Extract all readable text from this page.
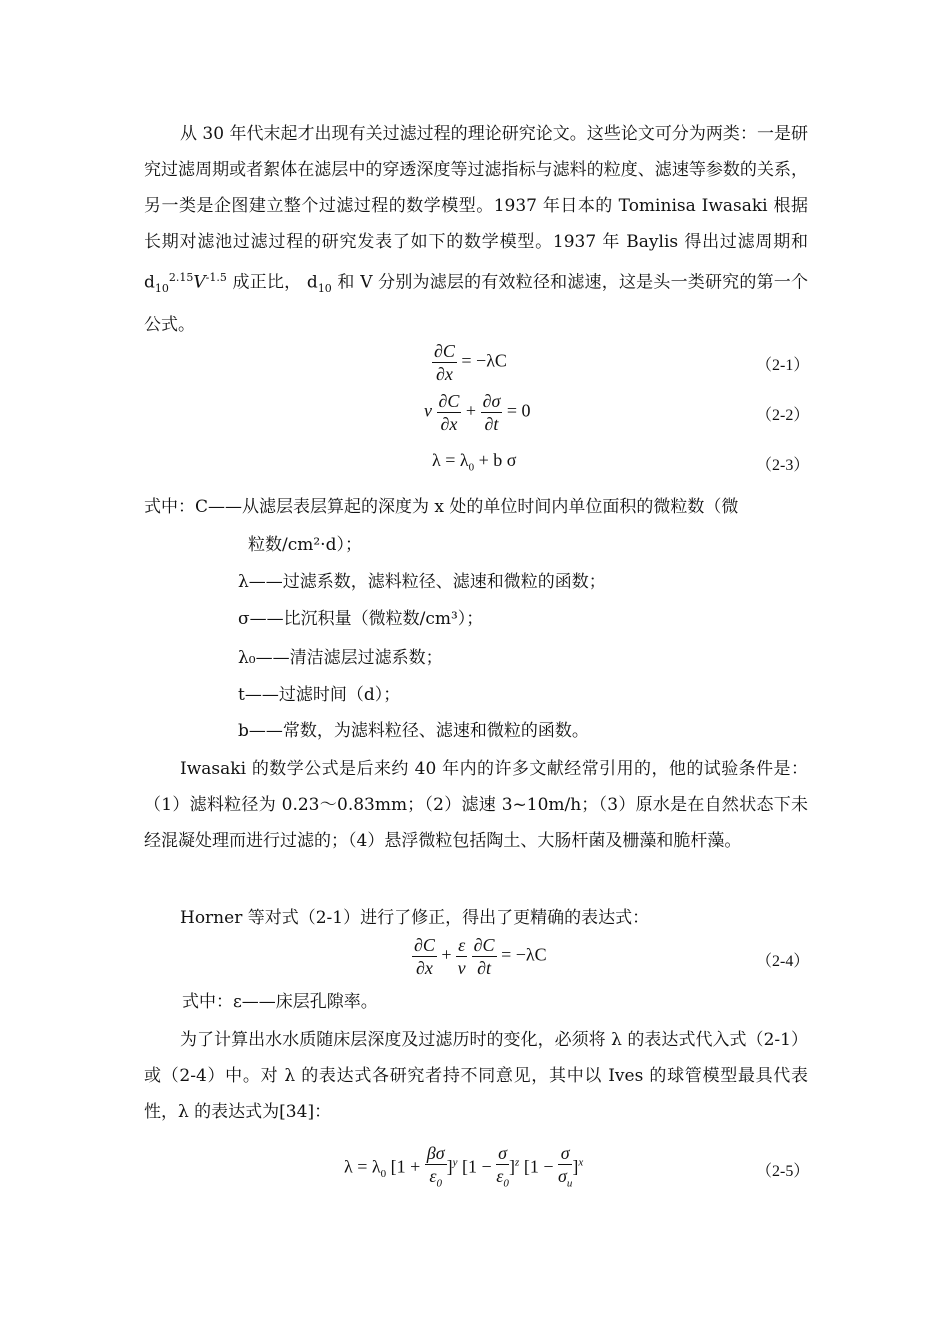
从 30 年代末起才出现有关过滤过程的理论研究论文。这些论文可分为两类：一是研究过滤周期或者絮体在滤层中的穿透深度等过滤指标与滤料的粒度、滤速等参数的关系，另一类是企图建立整个过滤过程的数学模型。1937 年日本的 Tominisa Iwasaki 根据长期对滤池过滤过程的研究发表了如下的数学模型。1937 年 Baylis 得出过滤周期和 $d_{10}^{2.15}V^{-1.5}$ 成正比， $d_{10}$ 和 V 分别为滤层的有效粒径和滤速，这是头一类研究的第一个公式。

$\frac{\partial C}{\partial x} = -\lambda C$	（2-1）
v $\frac{\partial C}{\partial x} + \frac{\partial\sigma}{\partial t} = 0$	（2-2）
$\lambda = \lambda_0 + b$ σ	（2-3）

式中：C——从滤层表层算起的深度为 x 处的单位时间内单位面积的微粒数（微

粒数/cm²·d）；

λ——过滤系数，滤料粒径、滤速和微粒的函数；

σ——比沉积量（微粒数/cm³）；

λ₀——清洁滤层过滤系数；

t——过滤时间（d）；

b——常数，为滤料粒径、滤速和微粒的函数。

Iwasaki 的数学公式是后来约 40 年内的许多文献经常引用的，他的试验条件是：（1）滤料粒径为 0.23～0.83mm；（2）滤速 3~10m/h；（3）原水是在自然状态下未经混凝处理而进行过滤的；（4）悬浮微粒包括陶土、大肠杆菌及栅藻和脆杆藻。

Horner 等对式（2-1）进行了修正，得出了更精确的表达式：

$\frac{\partial C}{\partial x} + \frac{\varepsilon}{v}$
$\frac{\partial C}{\partial t} = -\lambda C$	（2-4）

式中：ε——床层孔隙率。

为了计算出水水质随床层深度及过滤历时的变化，必须将 λ 的表达式代入式（2-1）或（2-4）中。对 λ 的表达式各研究者持不同意见，其中以 Ives 的球管模型最具代表性，λ 的表达式为[34]：

$\lambda = \lambda_0$ $[1 + \frac{\beta\sigma}{\varepsilon_0} ]^y$ $[1 - \frac{\sigma}{\varepsilon_0} ]^z$ $[1 - \frac{\sigma}{\sigma_u} ]^x$
（2-5）
